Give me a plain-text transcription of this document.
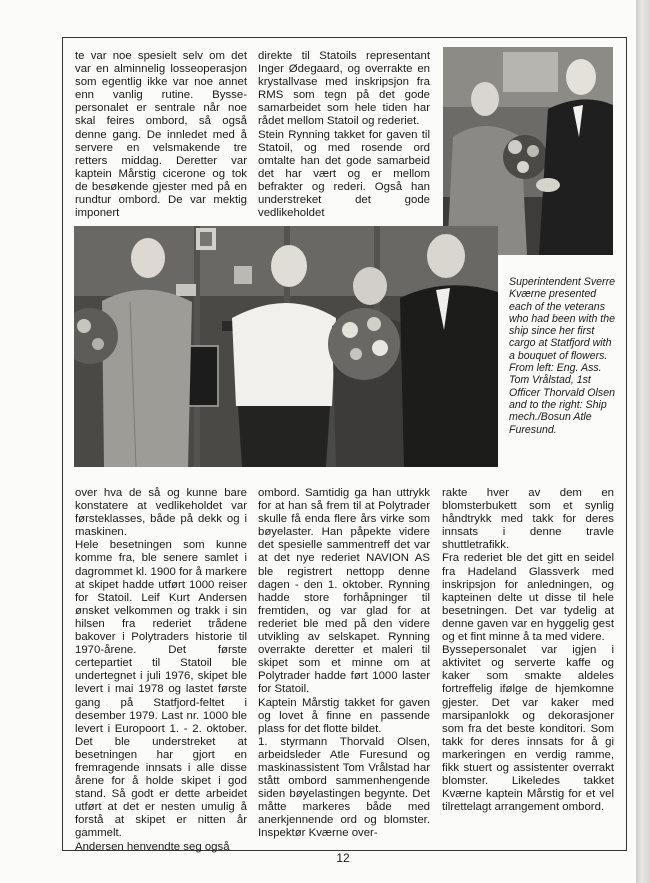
te var noe spesielt selv om det var en alminnelig losseoperasjon som egentlig ikke var noe annet enn vanlig rutine. Bysse-personalet er sentrale når noe skal feires ombord, så også denne gang. De innledet med å servere en velsmakende tre retters middag. Deretter var kaptein Mårstig cicerone og tok de besøkende gjester med på en rundtur ombord. De var mektig imponert

direkte til Statoils representant Inger Ødegaard, og overrakte en krystallvase med inskripsjon fra RMS som tegn på det gode samarbeidet som hele tiden har rådet mellom Statoil og rederiet.

Stein Rynning takket for gaven til Statoil, og med rosende ord omtalte han det gode samarbeid det har vært og er mellom befrakter og rederi. Også han understreket det gode vedlikeholdet

Superintendent Sverre Kværne presented each of the veterans who had been with the ship since her first cargo at Statfjord with a bouquet of flowers. From left: Eng. Ass. Tom Vrålstad, 1st Officer Thorvald Olsen and to the right: Ship mech./Bosun Atle Furesund.

over hva de så og kunne bare konstatere at vedlikeholdet var førsteklasses, både på dekk og i maskinen.

Hele besetningen som kunne komme fra, ble senere samlet i dagrommet kl. 1900 for å markere at skipet hadde utført 1000 reiser for Statoil. Leif Kurt Andersen ønsket velkommen og trakk i sin hilsen fra rederiet trådene bakover i Polytraders historie til 1970-årene. Det første certepartiet til Statoil ble undertegnet i juli 1976, skipet ble levert i mai 1978 og lastet første gang på Statfjord-feltet i desember 1979. Last nr. 1000 ble levert i Europoort 1. - 2. oktober. Det ble understreket at besetningen har gjort en fremragende innsats i alle disse årene for å holde skipet i god stand. Så godt er dette arbeidet utført at det er nesten umulig å forstå at skipet er nitten år gammelt.

Andersen henvendte seg også

ombord. Samtidig ga han uttrykk for at han så frem til at Polytrader skulle få enda flere års virke som bøyelaster. Han påpekte videre det spesielle sammentreff det var at det nye rederiet NAVION AS ble registrert nettopp denne dagen - den 1. oktober. Rynning hadde store forhåpninger til fremtiden, og var glad for at rederiet ble med på den videre utvikling av selskapet. Rynning overrakte deretter et maleri til skipet som et minne om at Polytrader hadde ført 1000 laster for Statoil.

Kaptein Mårstig takket for gaven og lovet å finne en passende plass for det flotte bildet.

1. styrmann Thorvald Olsen, arbeidsleder Atle Furesund og maskinassistent Tom Vrålstad har stått ombord sammenhengende siden bøyelastingen begynte. Det måtte markeres både med anerkjennende ord og blomster. Inspektør Kværne over-

rakte hver av dem en blomsterbukett som et synlig håndtrykk med takk for deres innsats i denne travle shuttletrafikk.

Fra rederiet ble det gitt en seidel fra Hadeland Glassverk med inskripsjon for anledningen, og kapteinen delte ut disse til hele besetningen. Det var tydelig at denne gaven var en hyggelig gest og et fint minne å ta med videre.

Byssepersonalet var igjen i aktivitet og serverte kaffe og kaker som smakte aldeles fortreffelig ifølge de hjemkomne gjester. Det var kaker med marsipanlokk og dekorasjoner som fra det beste konditori. Som takk for deres innsats for å gi markeringen en verdig ramme, fikk stuert og assistenter overrakt blomster. Likeledes takket Kværne kaptein Mårstig for et vel tilrettelagt arrangement ombord.

12
